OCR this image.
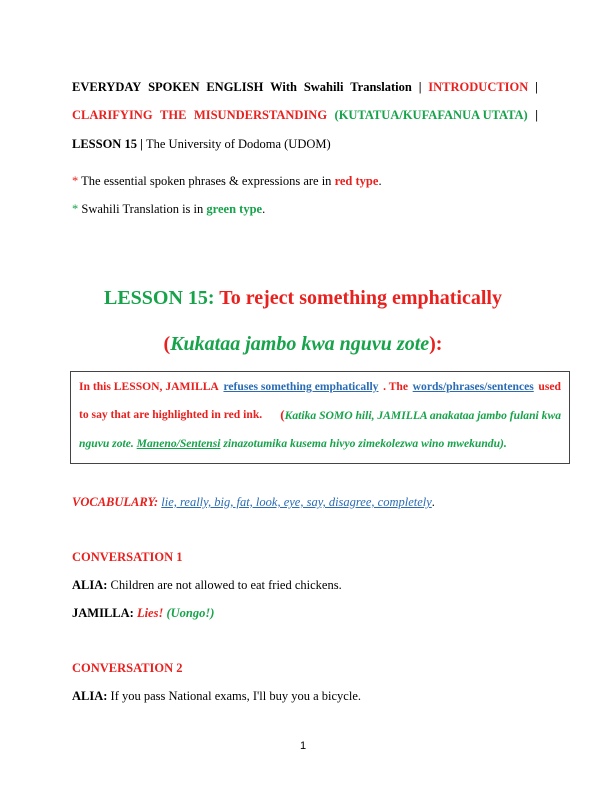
EVERYDAY SPOKEN ENGLISH With Swahili Translation | INTRODUCTION |
CLARIFYING THE MISUNDERSTANDING (KUTATUA/KUFAFANUA UTATA) |
LESSON 15 | The University of Dodoma (UDOM)
* The essential spoken phrases & expressions are in red type.
* Swahili Translation is in green type.
LESSON 15: To reject something emphatically
(Kukataa jambo kwa nguvu zote):
In this LESSON, JAMILLA refuses something emphatically . The words/phrases/sentences used
to say that are highlighted in red ink. (Katika SOMO hili, JAMILLA anakataa jambo fulani kwa
nguvu zote. Maneno/Sentensi zinazotumika kusema hivyo zimekolezwa wino mwekundu).
VOCABULARY: lie, really, big, fat, look, eye, say, disagree, completely.
CONVERSATION 1
ALIA: Children are not allowed to eat fried chickens.
JAMILLA: Lies! (Uongo!)
CONVERSATION 2
ALIA: If you pass National exams, I'll buy you a bicycle.
1
